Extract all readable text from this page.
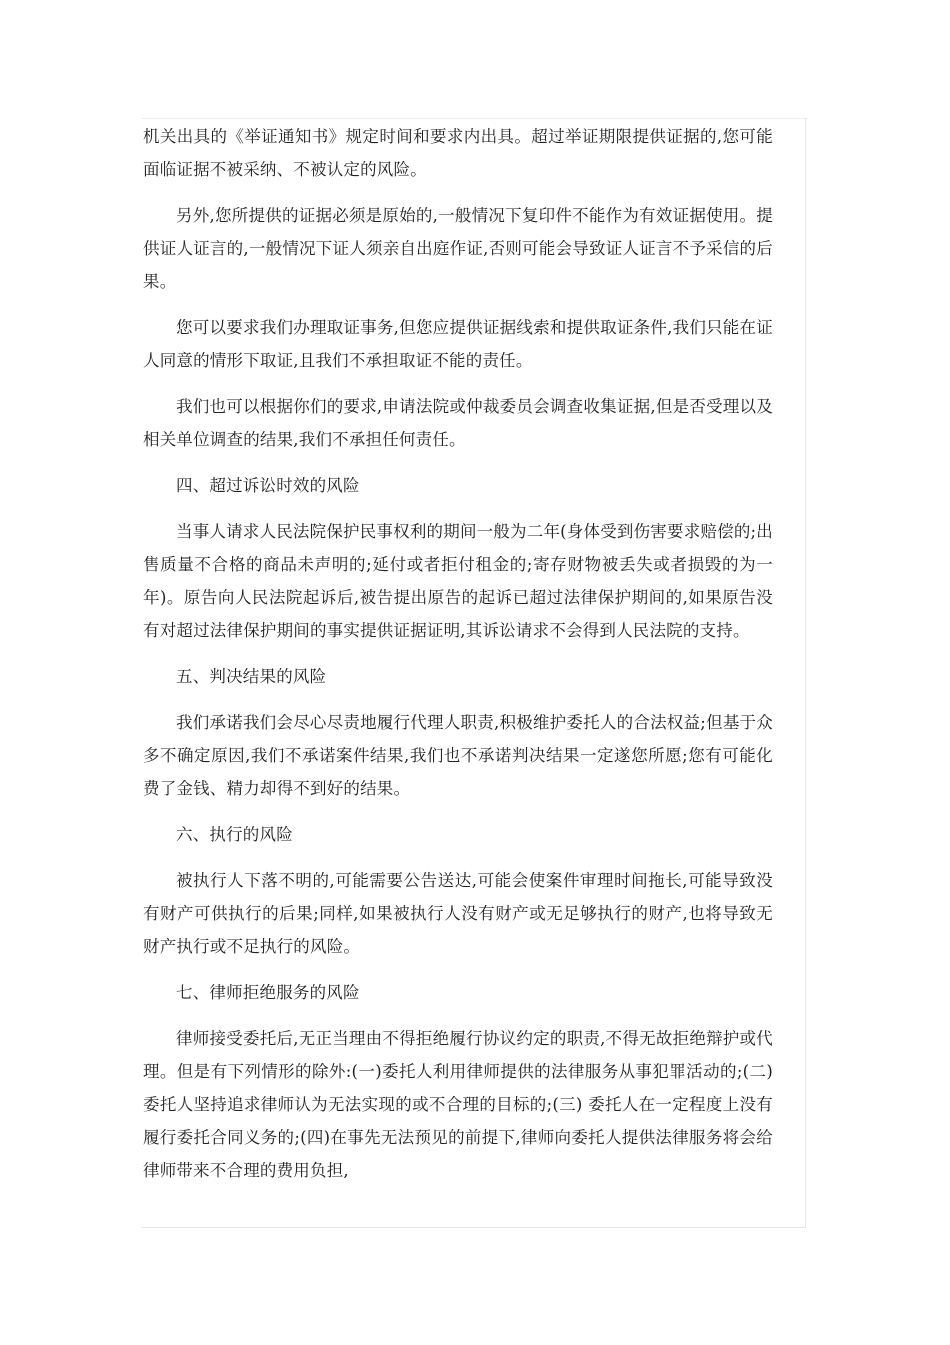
机关出具的《举证通知书》规定时间和要求内出具。超过举证期限提供证据的,您可能面临证据不被采纳、不被认定的风险。

另外,您所提供的证据必须是原始的,一般情况下复印件不能作为有效证据使用。提供证人证言的,一般情况下证人须亲自出庭作证,否则可能会导致证人证言不予采信的后果。

您可以要求我们办理取证事务,但您应提供证据线索和提供取证条件,我们只能在证人同意的情形下取证,且我们不承担取证不能的责任。

我们也可以根据你们的要求,申请法院或仲裁委员会调查收集证据,但是否受理以及相关单位调查的结果,我们不承担任何责任。

四、超过诉讼时效的风险

当事人请求人民法院保护民事权利的期间一般为二年(身体受到伤害要求赔偿的;出售质量不合格的商品未声明的;延付或者拒付租金的;寄存财物被丢失或者损毁的为一年)。原告向人民法院起诉后,被告提出原告的起诉已超过法律保护期间的,如果原告没有对超过法律保护期间的事实提供证据证明,其诉讼请求不会得到人民法院的支持。

五、判决结果的风险

我们承诺我们会尽心尽责地履行代理人职责,积极维护委托人的合法权益;但基于众多不确定原因,我们不承诺案件结果,我们也不承诺判决结果一定遂您所愿;您有可能化费了金钱、精力却得不到好的结果。

六、执行的风险

被执行人下落不明的,可能需要公告送达,可能会使案件审理时间拖长,可能导致没有财产可供执行的后果;同样,如果被执行人没有财产或无足够执行的财产,也将导致无财产执行或不足执行的风险。

七、律师拒绝服务的风险

律师接受委托后,无正当理由不得拒绝履行协议约定的职责,不得无故拒绝辩护或代理。但是有下列情形的除外:(一)委托人利用律师提供的法律服务从事犯罪活动的;(二)委托人坚持追求律师认为无法实现的或不合理的目标的;(三) 委托人在一定程度上没有履行委托合同义务的;(四)在事先无法预见的前提下,律师向委托人提供法律服务将会给律师带来不合理的费用负担,
